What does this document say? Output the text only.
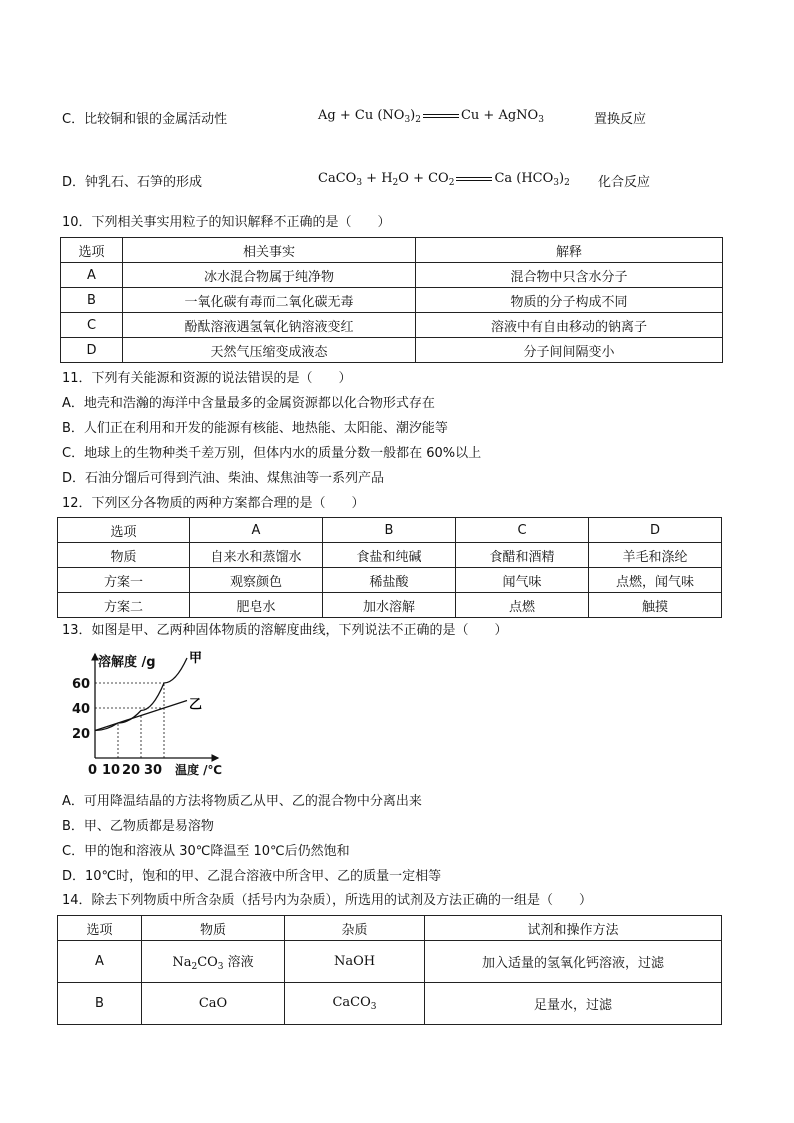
C．比较铜和银的金属活动性	Ag + Cu $(NO_3)_2$	Cu + AgNO$_3$	置换反应
D．钟乳石、石笋的形成	CaCO$_3$ + $H_2O + CO_2$	Ca $(HCO_3)_2$ 化合反应
10．下列相关事实用粒子的知识解释不正确的是（　　）
选项	相关事实	解释
A	冰水混合物属于纯净物	混合物中只含水分子
B	一氧化碳有毒而二氧化碳无毒	物质的分子构成不同
C	酚酞溶液遇氢氧化钠溶液变红	溶液中有自由移动的钠离子
D	天然气压缩变成液态	分子间间隔变小
11．下列有关能源和资源的说法错误的是（　　）
A．地壳和浩瀚的海洋中含量最多的金属资源都以化合物形式存在
B．人们正在利用和开发的能源有核能、地热能、太阳能、潮汐能等
C．地球上的生物种类千差万别，但体内水的质量分数一般都在 60%以上
D．石油分馏后可得到汽油、柴油、煤焦油等一系列产品
12．下列区分各物质的两种方案都合理的是（　　）
选项	A	B	C	D
物质	自来水和蒸馏水	食盐和纯碱	食醋和酒精	羊毛和涤纶
方案一	观察颜色	稀盐酸	闻气味	点燃，闻气味
方案二	肥皂水	加水溶解	点燃	触摸
13．如图是甲、乙两种固体物质的溶解度曲线，下列说法不正确的是（　　）
甲
乙
20
40
60
0 10 20 30
溶解度 /g
温度 /℃
A．可用降温结晶的方法将物质乙从甲、乙的混合物中分离出来
B．甲、乙物质都是易溶物
C．甲的饱和溶液从 30℃降温至 10℃后仍然饱和
D．10℃时，饱和的甲、乙混合溶液中所含甲、乙的质量一定相等
14．除去下列物质中所含杂质（括号内为杂质），所选用的试剂及方法正确的一组是（　　）
选项	物质	杂质	试剂和操作方法
A	$Na_2CO_3$ 溶液	NaOH	加入适量的氢氧化钙溶液，过滤
B	CaO	CaCO$_3$	足量水，过滤
